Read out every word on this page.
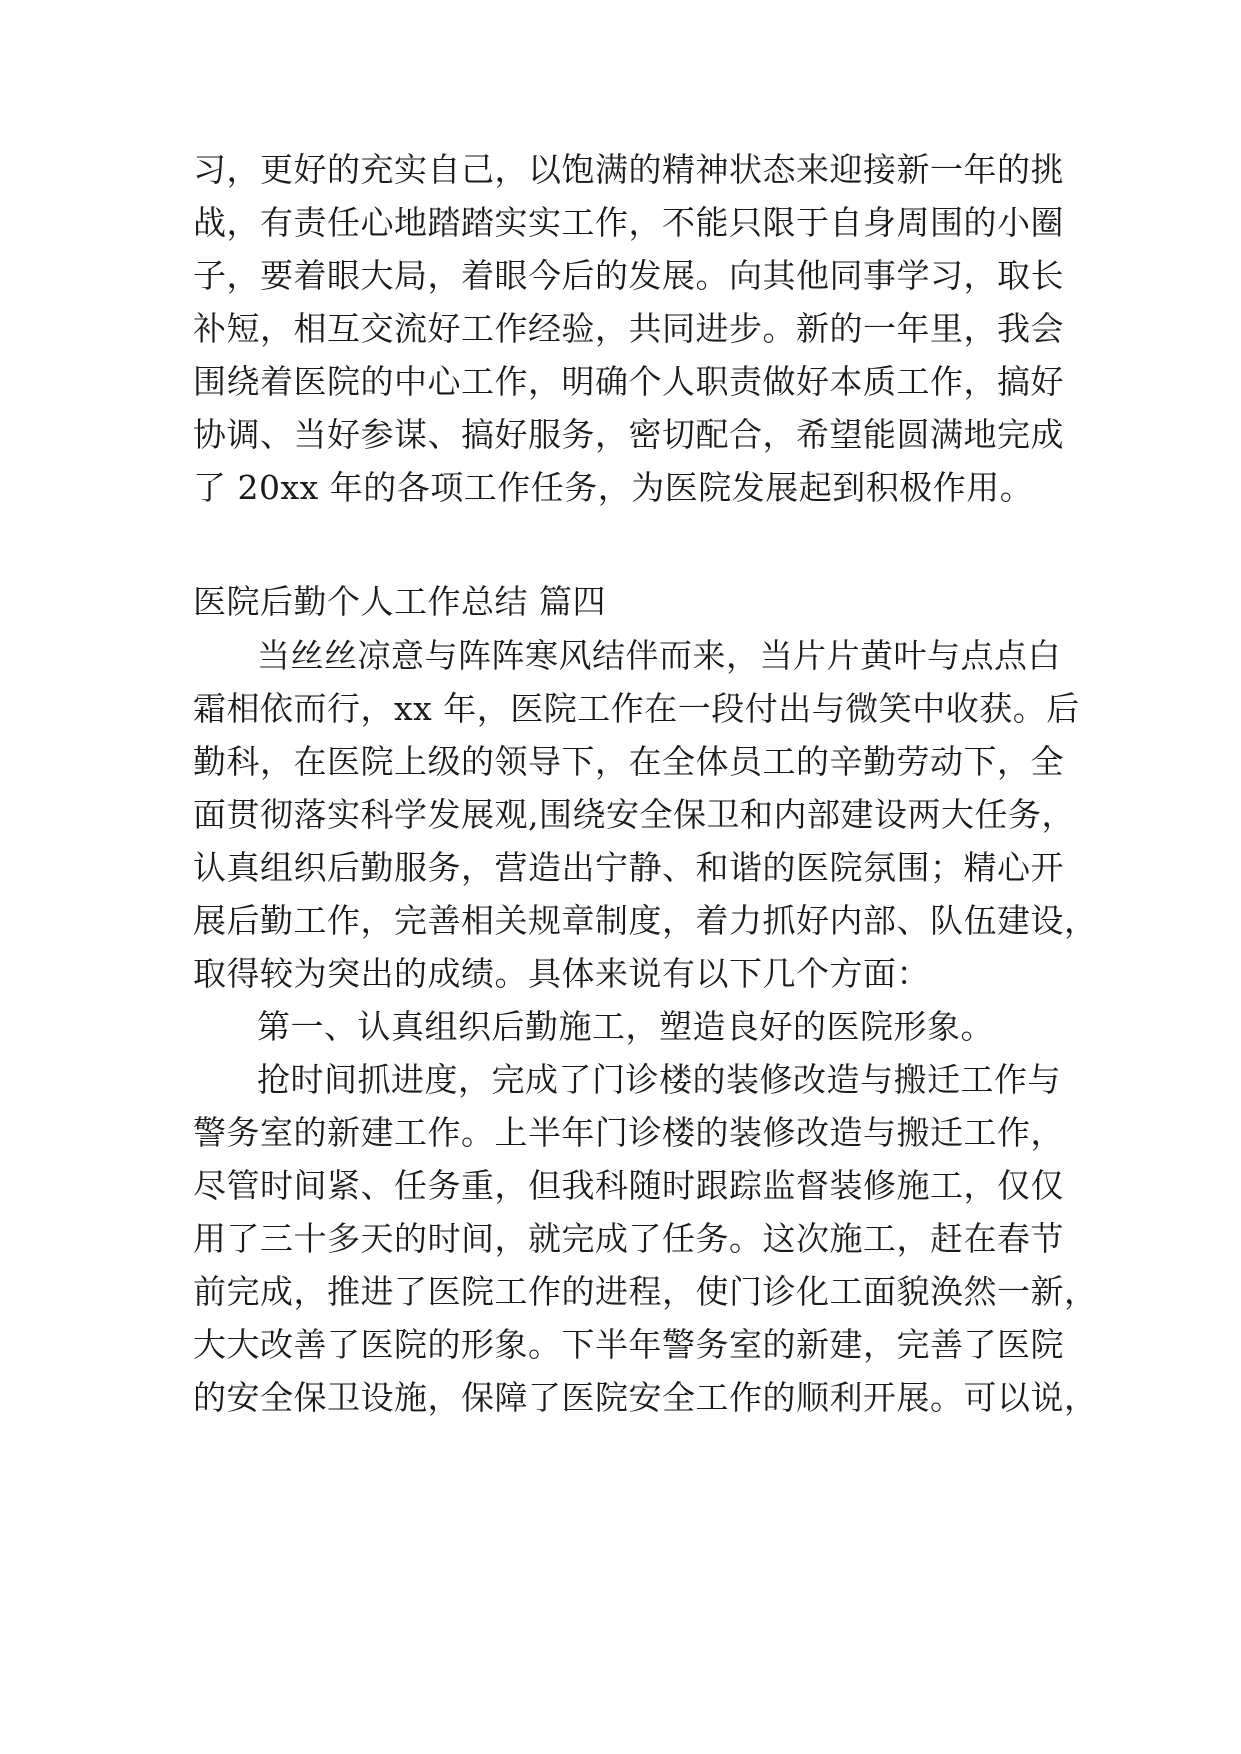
习，更好的充实自己，以饱满的精神状态来迎接新一年的挑
战，有责任心地踏踏实实工作，不能只限于自身周围的小圈
子，要着眼大局，着眼今后的发展。向其他同事学习，取长
补短，相互交流好工作经验，共同进步。新的一年里，我会
围绕着医院的中心工作，明确个人职责做好本质工作，搞好
协调、当好参谋、搞好服务，密切配合，希望能圆满地完成
了 20xx 年的各项工作任务，为医院发展起到积极作用。
医院后勤个人工作总结 篇四
当丝丝凉意与阵阵寒风结伴而来，当片片黄叶与点点白
霜相依而行，xx 年，医院工作在一段付出与微笑中收获。后
勤科，在医院上级的领导下，在全体员工的辛勤劳动下，全
面贯彻落实科学发展观,围绕安全保卫和内部建设两大任务，
认真组织后勤服务，营造出宁静、和谐的医院氛围；精心开
展后勤工作，完善相关规章制度，着力抓好内部、队伍建设，
取得较为突出的成绩。具体来说有以下几个方面：
第一、认真组织后勤施工，塑造良好的医院形象。
抢时间抓进度，完成了门诊楼的装修改造与搬迁工作与
警务室的新建工作。上半年门诊楼的装修改造与搬迁工作，
尽管时间紧、任务重，但我科随时跟踪监督装修施工，仅仅
用了三十多天的时间，就完成了任务。这次施工，赶在春节
前完成，推进了医院工作的进程，使门诊化工面貌涣然一新，
大大改善了医院的形象。下半年警务室的新建，完善了医院
的安全保卫设施，保障了医院安全工作的顺利开展。可以说，
